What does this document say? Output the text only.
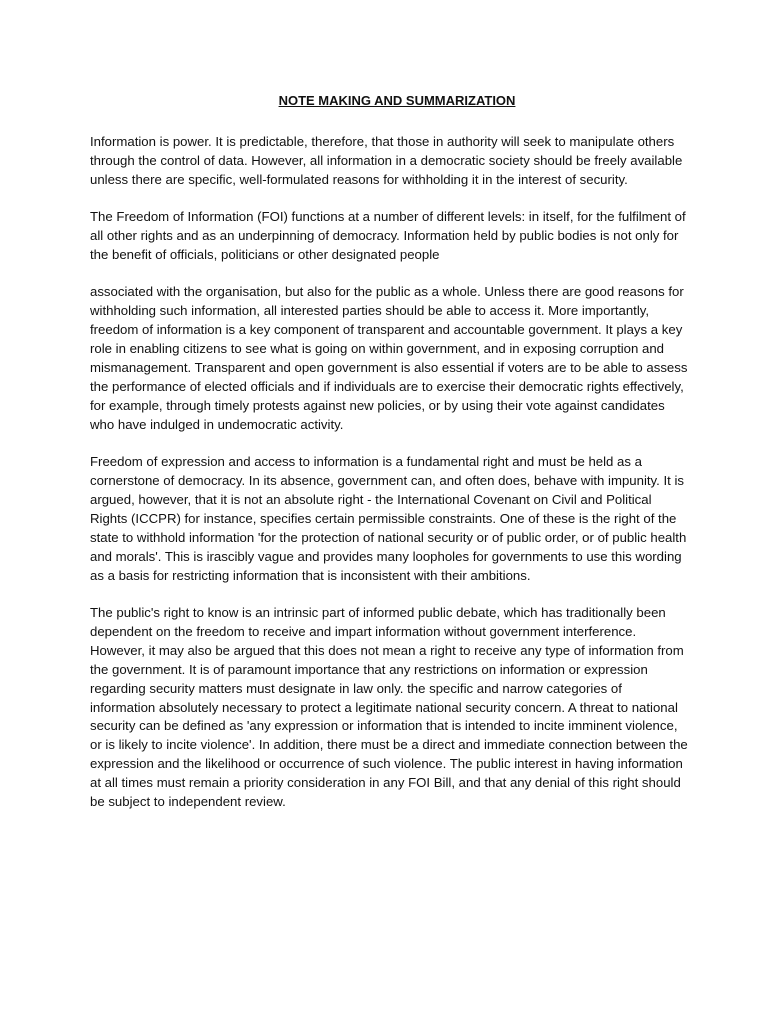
NOTE MAKING AND SUMMARIZATION

Information is power. It is predictable, therefore, that those in authority will seek to manipulate others through the control of data. However, all information in a democratic society should be freely available unless there are specific, well-formulated reasons for withholding it in the interest of security.

The Freedom of Information (FOI) functions at a number of different levels: in itself, for the fulfilment of all other rights and as an underpinning of democracy. Information held by public bodies is not only for the benefit of officials, politicians or other designated people

associated with the organisation, but also for the public as a whole. Unless there are good reasons for withholding such information, all interested parties should be able to access it. More importantly, freedom of information is a key component of transparent and accountable government. It plays a key role in enabling citizens to see what is going on within government, and in exposing corruption and mismanagement. Transparent and open government is also essential if voters are to be able to assess the performance of elected officials and if individuals are to exercise their democratic rights effectively, for example, through timely protests against new policies, or by using their vote against candidates who have indulged in undemocratic activity.

Freedom of expression and access to information is a fundamental right and must be held as a cornerstone of democracy. In its absence, government can, and often does, behave with impunity. It is argued, however, that it is not an absolute right - the International Covenant on Civil and Political Rights (ICCPR) for instance, specifies certain permissible constraints. One of these is the right of the state to withhold information 'for the protection of national security or of public order, or of public health and morals'. This is irascibly vague and provides many loopholes for governments to use this wording as a basis for restricting information that is inconsistent with their ambitions.

The public's right to know is an intrinsic part of informed public debate, which has traditionally been dependent on the freedom to receive and impart information without government interference. However, it may also be argued that this does not mean a right to receive any type of information from the government. It is of paramount importance that any restrictions on information or expression regarding security matters must designate in law only. the specific and narrow categories of information absolutely necessary to protect a legitimate national security concern. A threat to national security can be defined as 'any expression or information that is intended to incite imminent violence, or is likely to incite violence'. In addition, there must be a direct and immediate connection between the expression and the likelihood or occurrence of such violence. The public interest in having information at all times must remain a priority consideration in any FOI Bill, and that any denial of this right should be subject to independent review.
